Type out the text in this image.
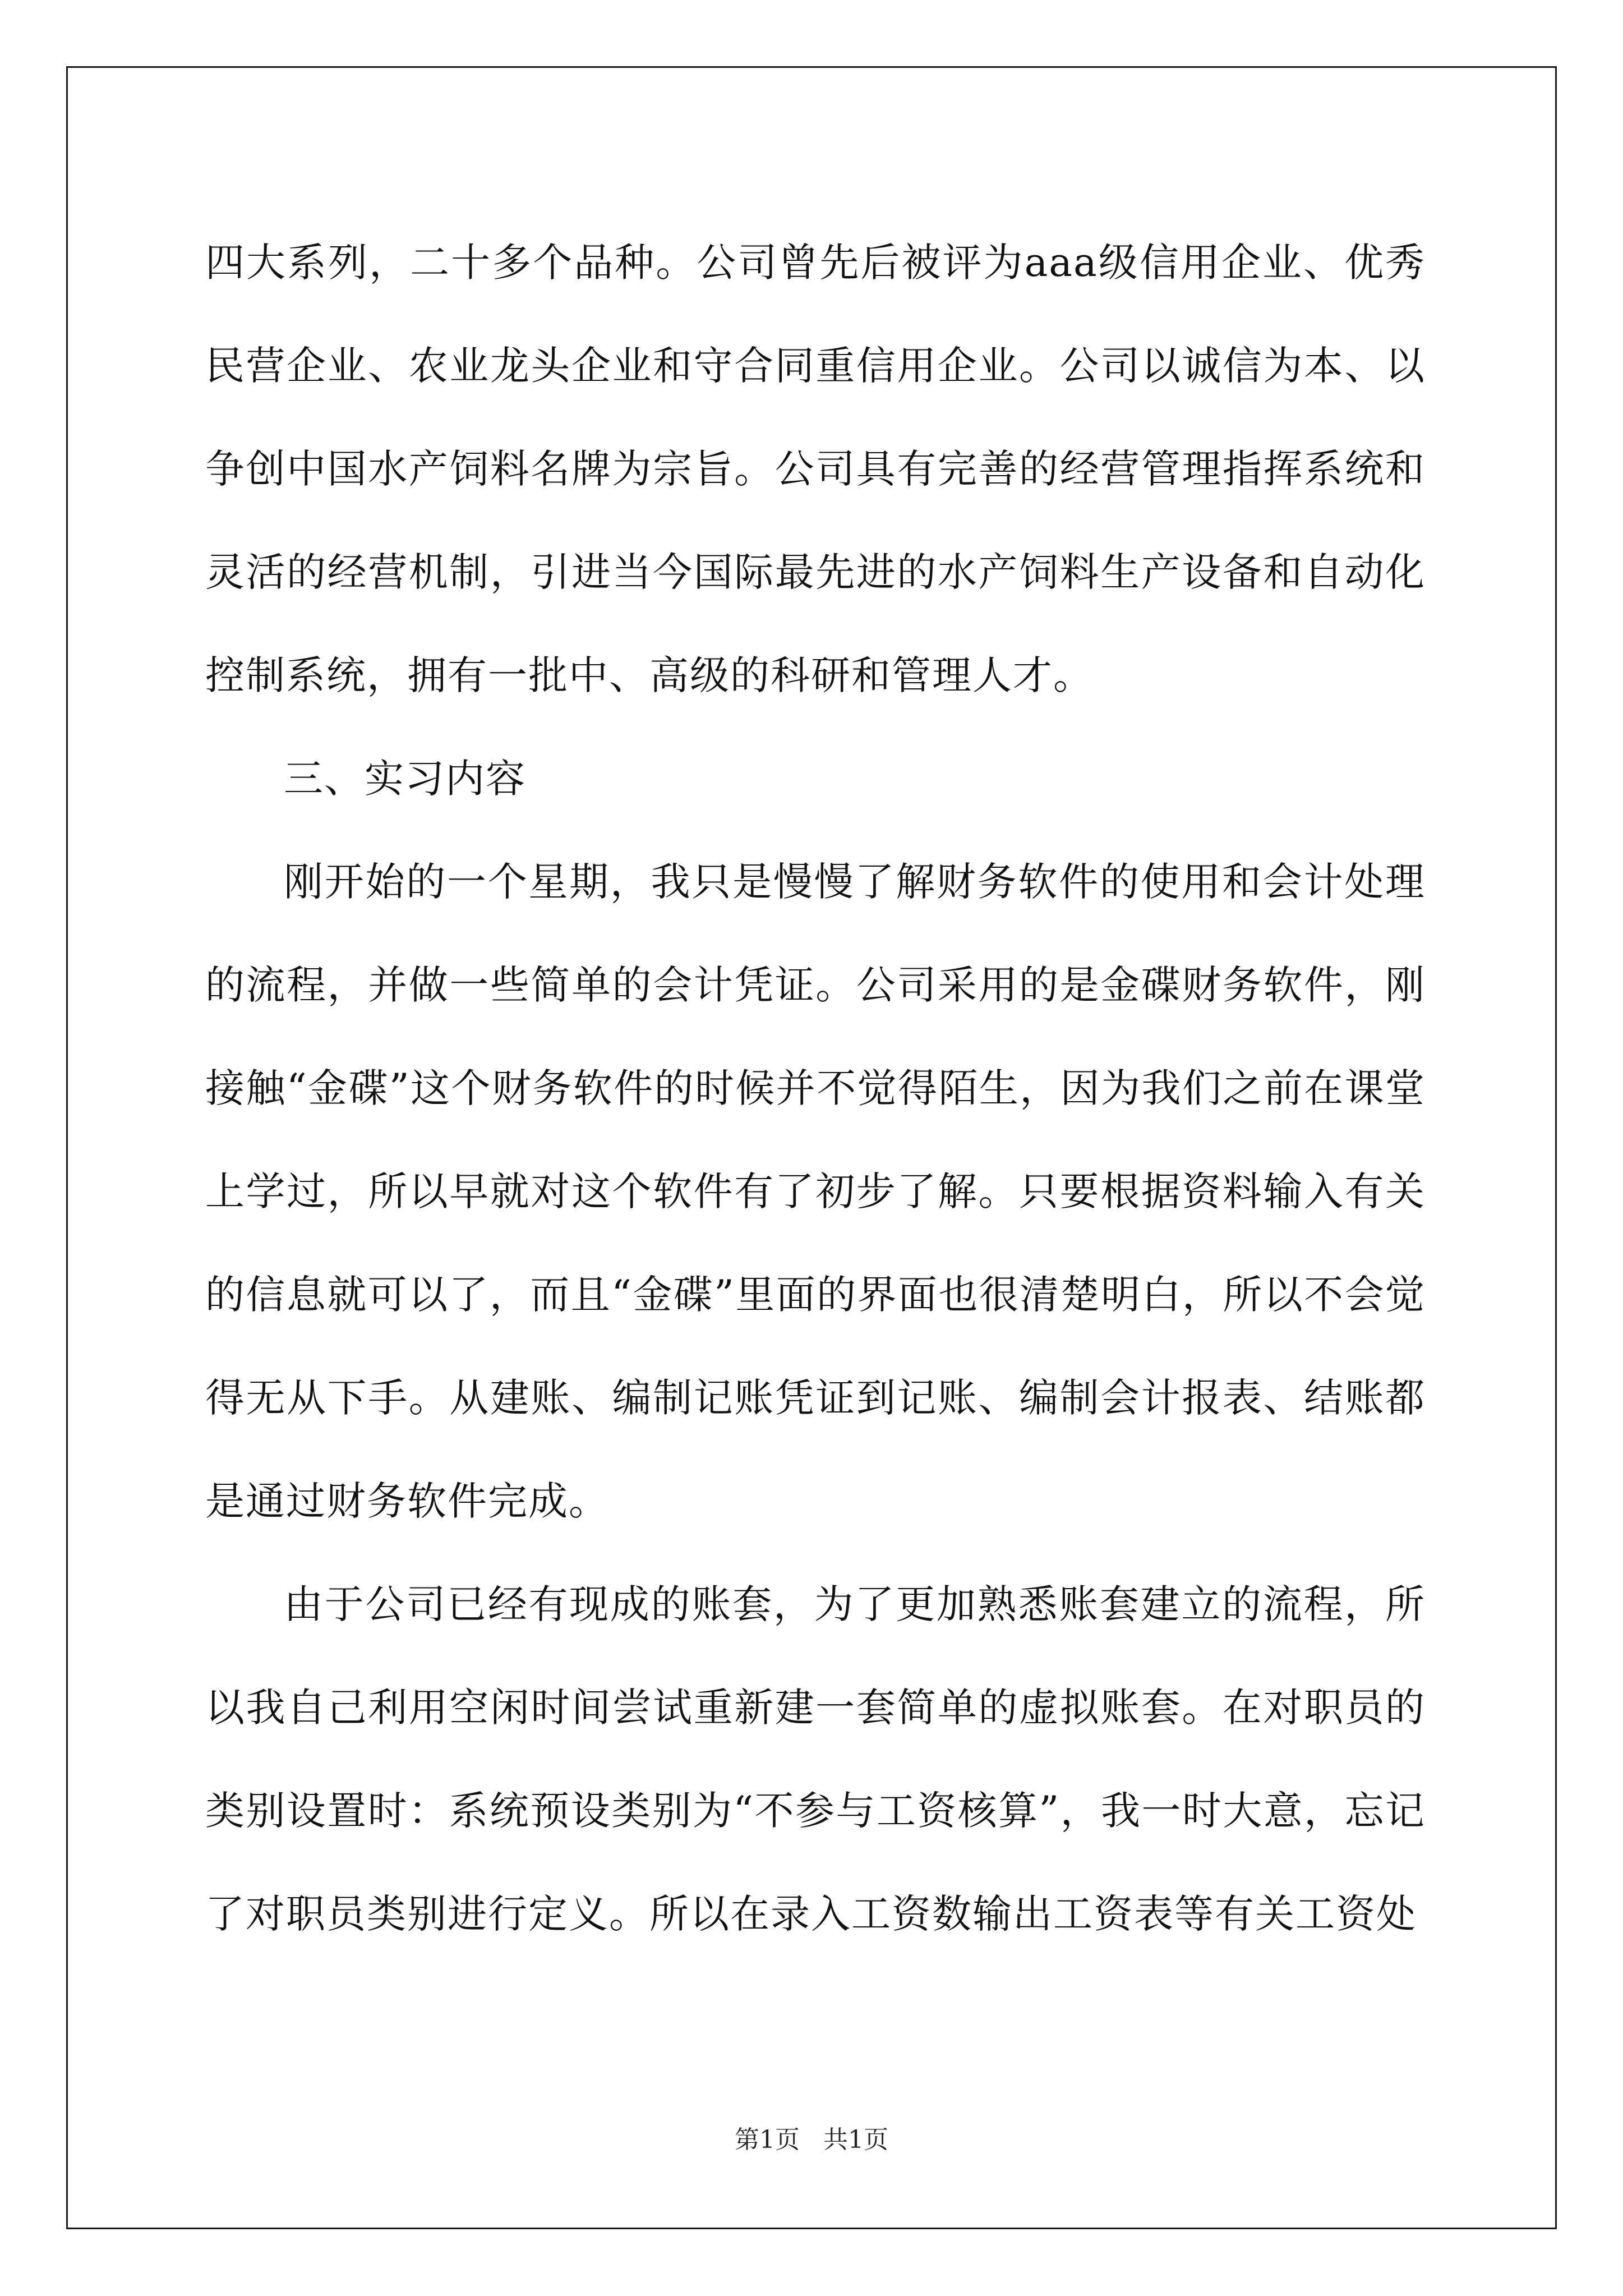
四大系列，二十多个品种。公司曾先后被评为aaa级信用企业、优秀民营企业、农业龙头企业和守合同重信用企业。公司以诚信为本、以争创中国水产饲料名牌为宗旨。公司具有完善的经营管理指挥系统和灵活的经营机制，引进当今国际最先进的水产饲料生产设备和自动化控制系统，拥有一批中、高级的科研和管理人才。

三、实习内容

刚开始的一个星期，我只是慢慢了解财务软件的使用和会计处理的流程，并做一些简单的会计凭证。公司采用的是金碟财务软件，刚接触“金碟”这个财务软件的时候并不觉得陌生，因为我们之前在课堂上学过，所以早就对这个软件有了初步了解。只要根据资料输入有关的信息就可以了，而且“金碟”里面的界面也很清楚明白，所以不会觉得无从下手。从建账、编制记账凭证到记账、编制会计报表、结账都是通过财务软件完成。

由于公司已经有现成的账套，为了更加熟悉账套建立的流程，所以我自己利用空闲时间尝试重新建一套简单的虚拟账套。在对职员的类别设置时：系统预设类别为“不参与工资核算”，我一时大意，忘记了对职员类别进行定义。所以在录入工资数输出工资表等有关工资处

第1页   共1页
